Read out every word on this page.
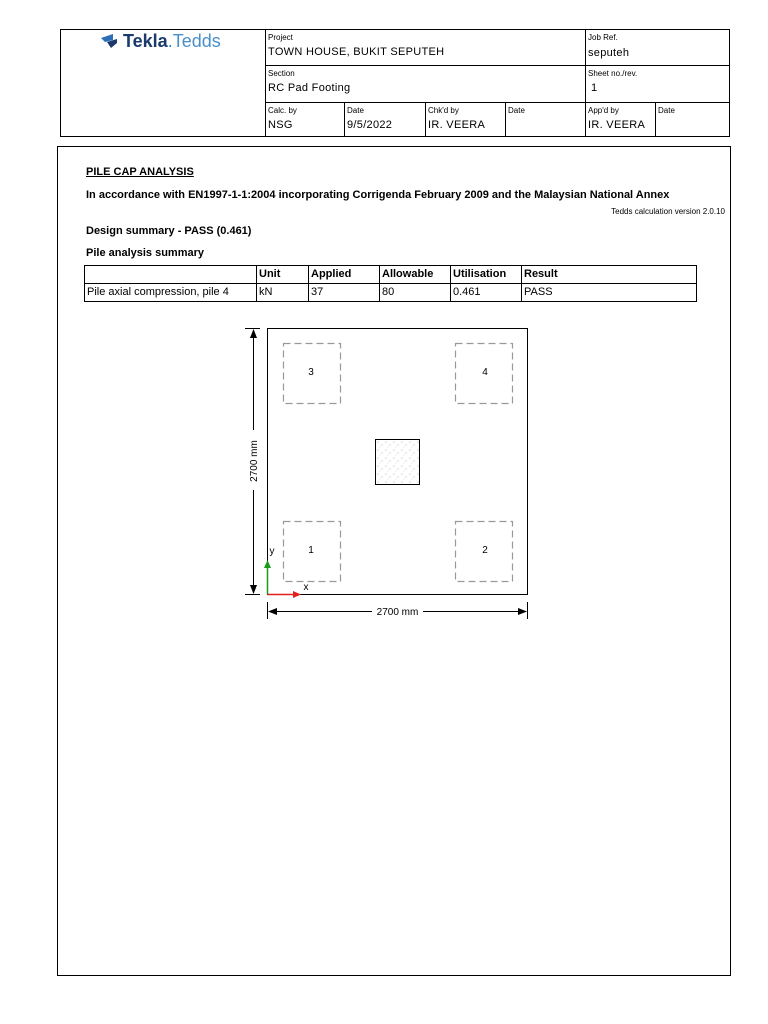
Tekla.Tedds	Project
TOWN HOUSE, BUKIT SEPUTEH
Job Ref.
seputeh
Section
RC Pad Footing
Sheet no./rev.
1
Calc. by
NSG
Date
9/5/2022
Chk'd by
IR. VEERA
Date	App'd by
IR. VEERA
Date
PILE CAP ANALYSIS
In accordance with EN1997-1-1:2004 incorporating Corrigenda February 2009 and the Malaysian National Annex
Tedds calculation version 2.0.10
Design summary - PASS (0.461)
Pile analysis summary
	Unit	Applied	Allowable	Utilisation	Result
Pile axial compression, pile 4	kN	37	80	0.461	PASS
3	4
1	2
2700 mm
2700 mm
y
x
